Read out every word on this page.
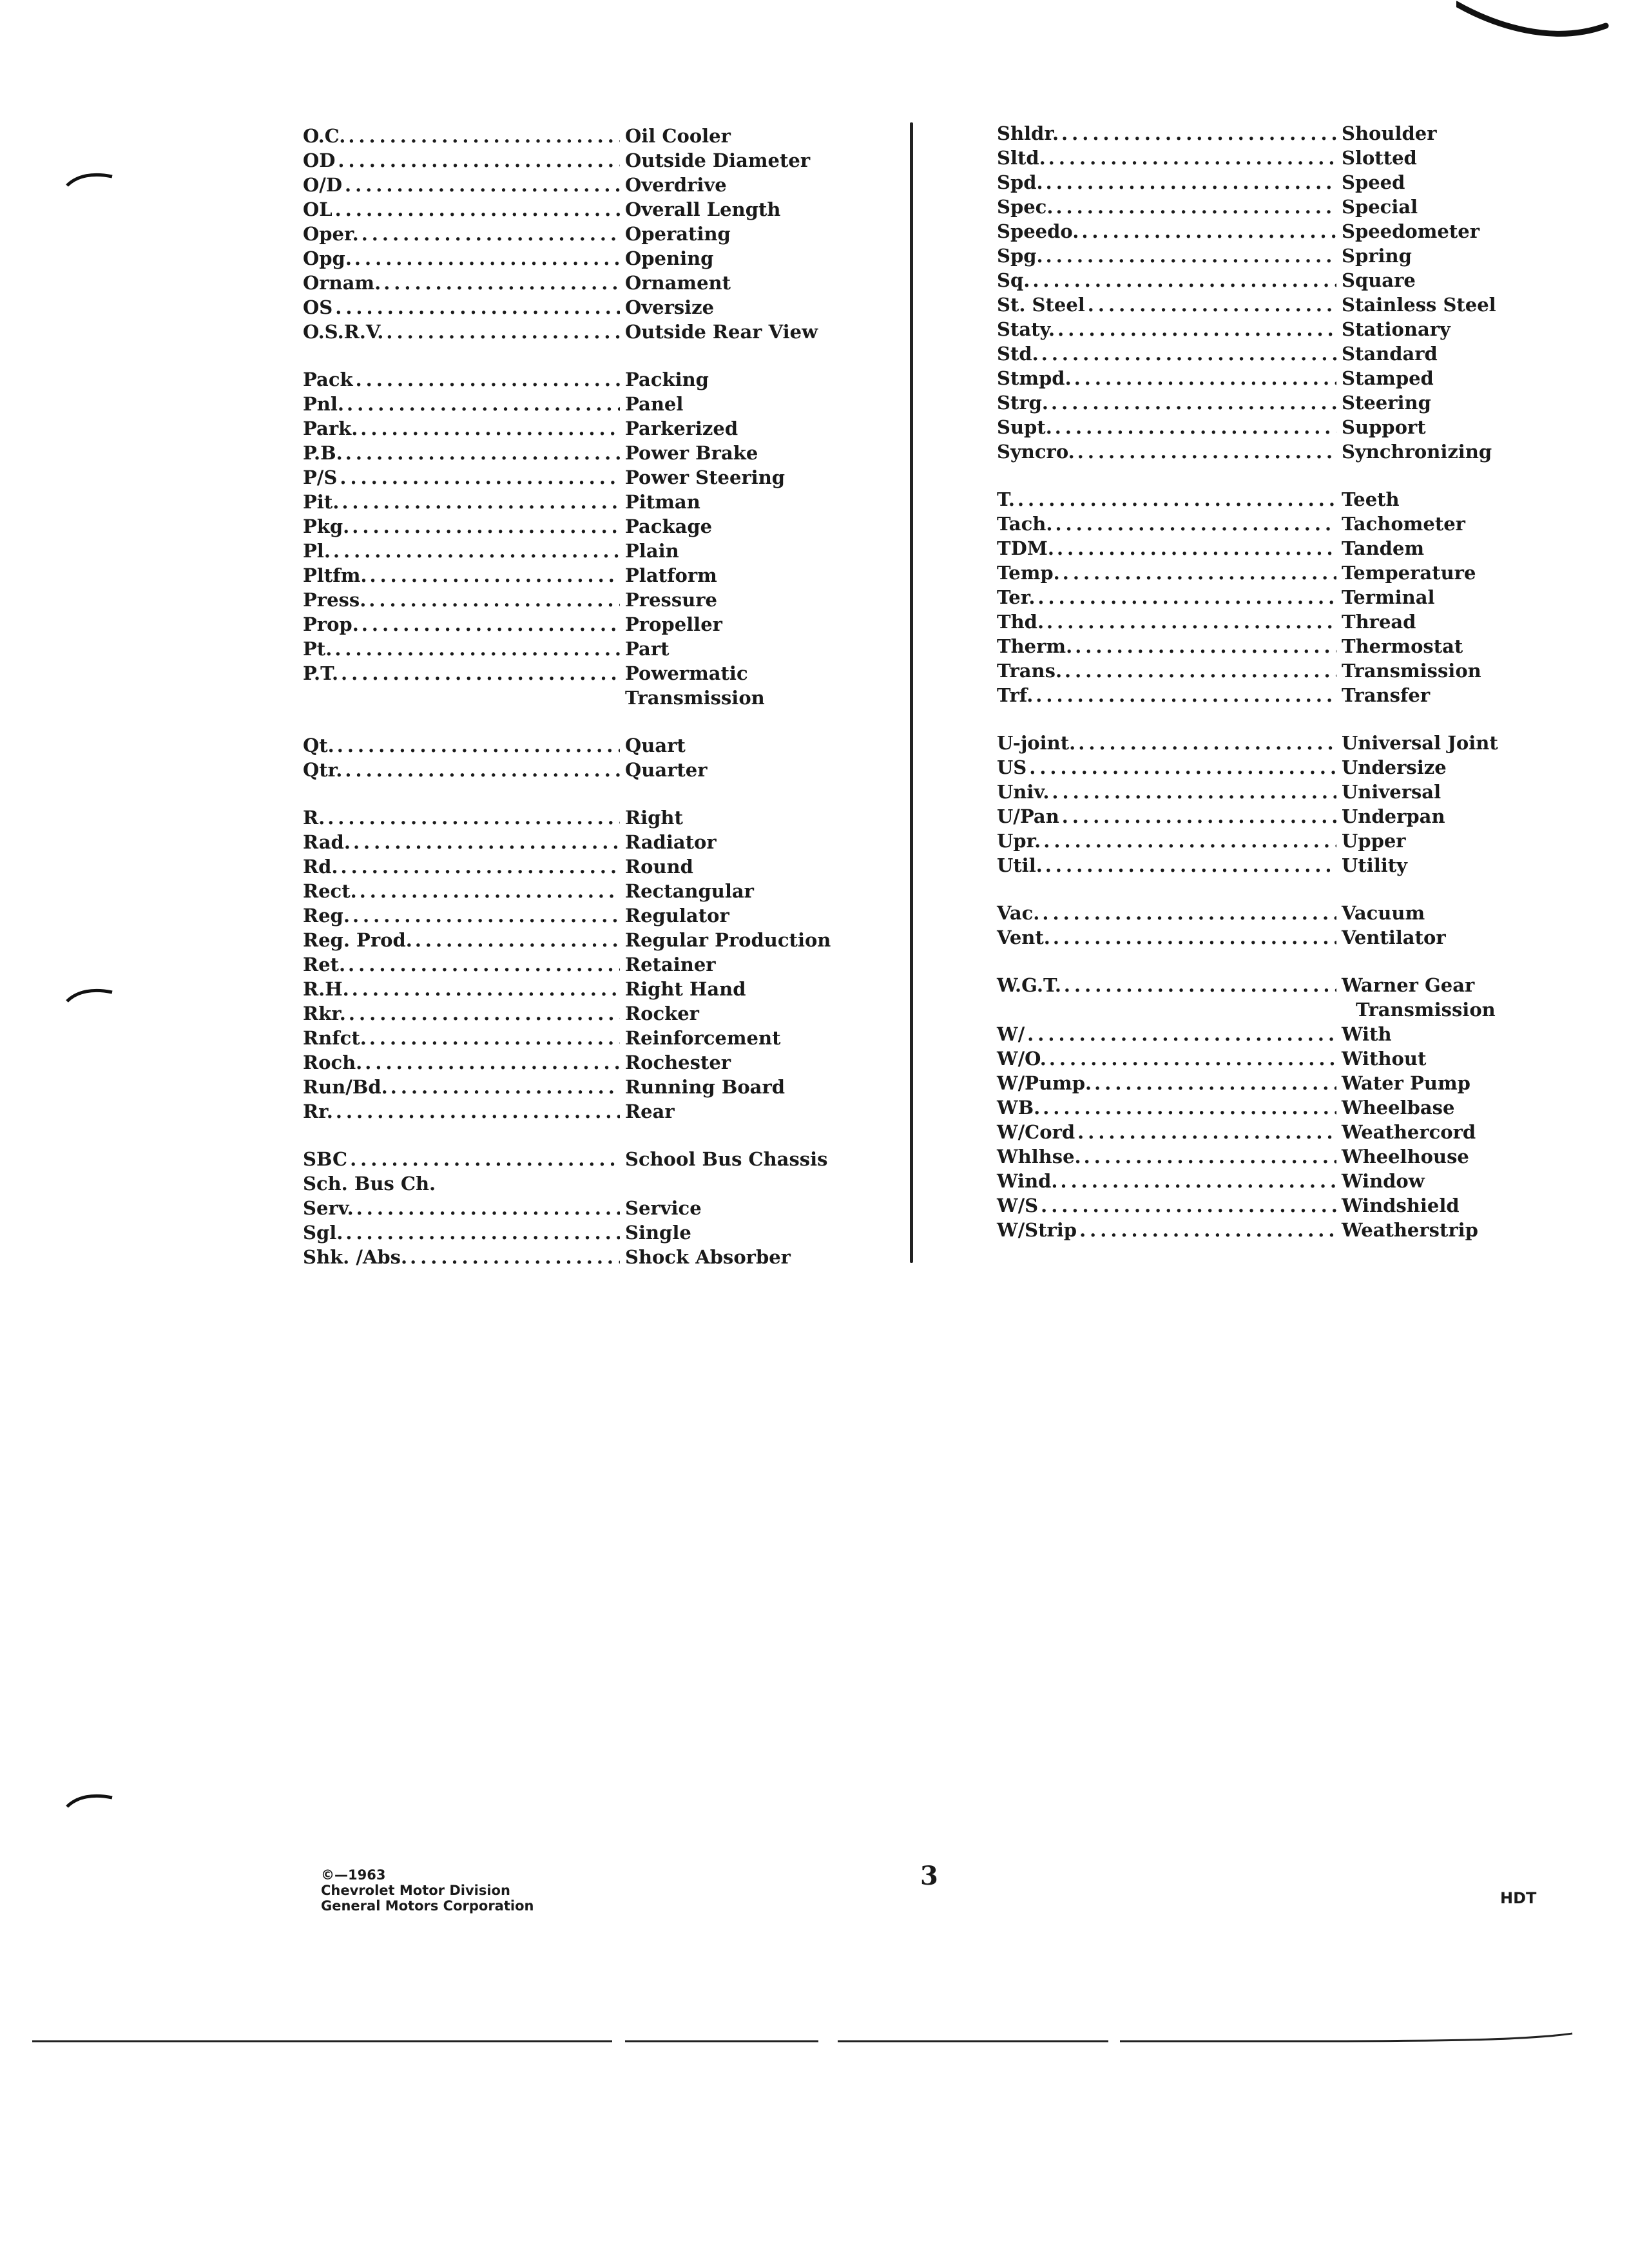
O.C. .....	Oil Cooler
OD .....	Outside Diameter
O/D .....	Overdrive
OL .....	Overall Length
Oper. .....	Operating
Opg. .....	Opening
Ornam. .....	Ornament
OS .....	Oversize
O.S.R.V. .....	Outside Rear View
Pack .....	Packing
Pnl. .....	Panel
Park. .....	Parkerized
P.B. .....	Power Brake
P/S .....	Power Steering
Pit. .....	Pitman
Pkg. .....	Package
Pl. .....	Plain
Pltfm. .....	Platform
Press. .....	Pressure
Prop. .....	Propeller
Pt. .....	Part
P.T. .....	Powermatic
Transmission
Qt. .....	Quart
Qtr. .....	Quarter
R. .....	Right
Rad. .....	Radiator
Rd. .....	Round
Rect. .....	Rectangular
Reg. .....	Regulator
Reg. Prod. .....	Regular Production
Ret. .....	Retainer
R.H. .....	Right Hand
Rkr. .....	Rocker
Rnfct. .....	Reinforcement
Roch. .....	Rochester
Run/Bd. .....	Running Board
Rr. .....	Rear
SBC .....	School Bus Chassis
Sch. Bus Ch.
Serv. .....	Service
Sgl. .....	Single
Shk. /Abs. .....	Shock Absorber
Shldr. .....	Shoulder
Sltd. .....	Slotted
Spd. .....	Speed
Spec. .....	Special
Speedo. .....	Speedometer
Spg. .....	Spring
Sq. .....	Square
St. Steel .....	Stainless Steel
Staty. .....	Stationary
Std. .....	Standard
Stmpd. .....	Stamped
Strg. .....	Steering
Supt. .....	Support
Syncro. .....	Synchronizing
T. .....	Teeth
Tach. .....	Tachometer
TDM. .....	Tandem
Temp. .....	Temperature
Ter. .....	Terminal
Thd. .....	Thread
Therm. .....	Thermostat
Trans. .....	Transmission
Trf. .....	Transfer
U-joint. .....	Universal Joint
US .....	Undersize
Univ. .....	Universal
U/Pan .....	Underpan
Upr. .....	Upper
Util. .....	Utility
Vac. .....	Vacuum
Vent. .....	Ventilator
W.G.T. .....	Warner Gear
Transmission
W/ .....	With
W/O. .....	Without
W/Pump. .....	Water Pump
WB. .....	Wheelbase
W/Cord .....	Weathercord
Whlhse. .....	Wheelhouse
Wind. .....	Window
W/S .....	Windshield
W/Strip .....	Weatherstrip
©—1963
Chevrolet Motor Division
General Motors Corporation
3
HDT
